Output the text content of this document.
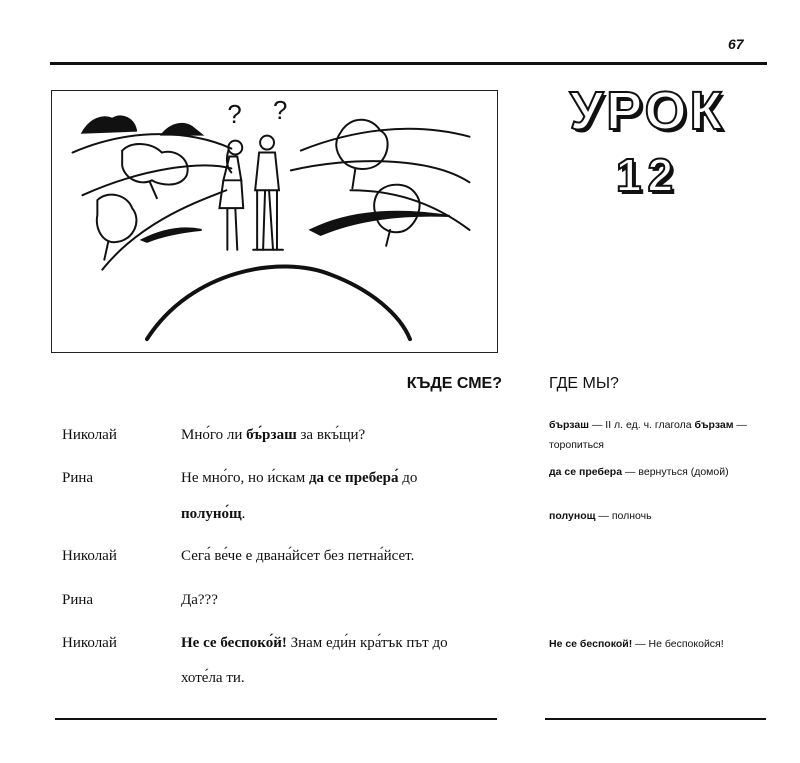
67
? ?	УРОК
12
КЪДЕ СМЕ?	ГДЕ МЫ?
Николай	Мно́го ли бъ́рзаш за вкъ́щи?
Рина	Не мно́го, но и́скам да се пребера́ до
полуно́щ.
Николай	Сега́ ве́че е двана́йсет без петна́йсет.
Рина	Да???
Николай	Не се беспоко́й! Знам еди́н кра́тък път до
хоте́ла ти.
бързаш — II л. ед. ч. глагола бързам —
торопиться
да се пребера — вернуться (домой)
полунощ — полночь
Не се беспокой! — Не беспокойся!
